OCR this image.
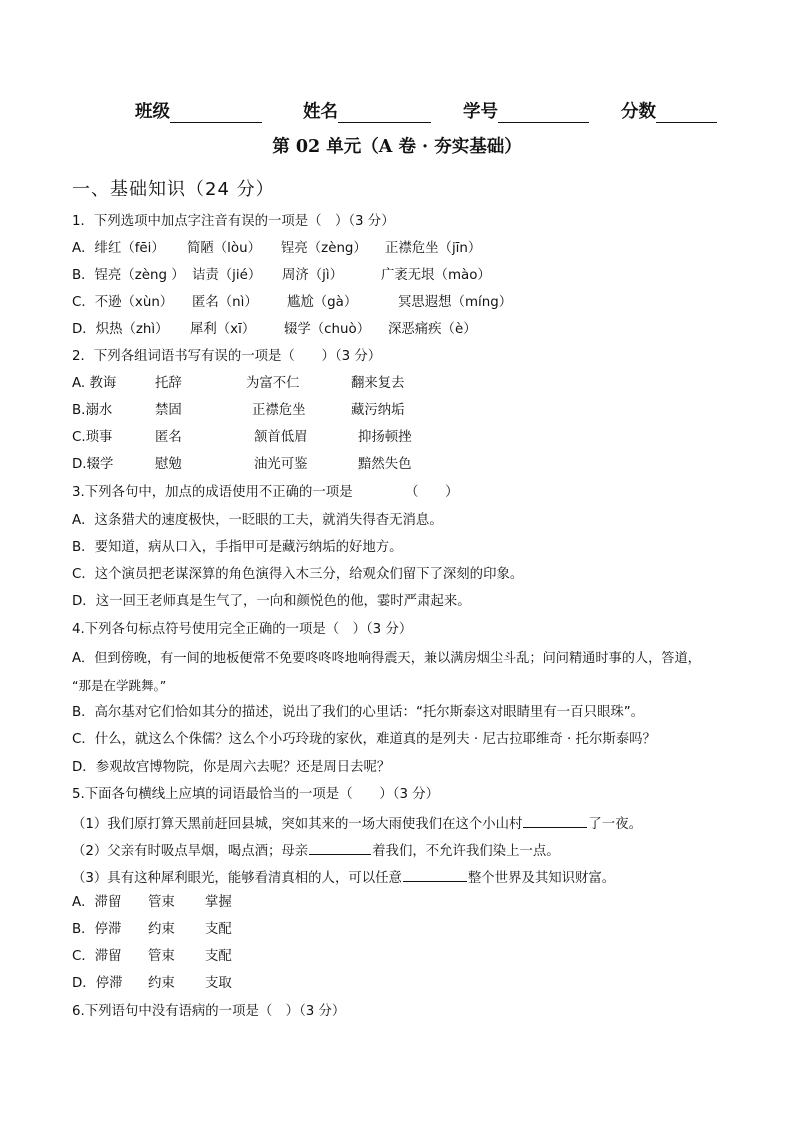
班级	姓名	学号	分数
第 02 单元（A 卷 · 夯实基础）
一、基础知识（24 分）
1．下列选项中加点字注音有误的一项是（　）（3 分）
A．绯红（fēi） 简陋（lòu） 锃亮（zèng） 正襟危坐（jīn）
B．锃亮（zèng ） 诘责（jié） 周济（jì）	广袤无垠（mào）
C．不逊（xùn） 匿名（nì） 尴尬（gà）	冥思遐想（míng）
D．炽热（zhì） 犀利（xī） 辍学（chuò） 深恶痛疾（è）
2．下列各组词语书写有误的一项是（　　）（3 分）
A. 教诲	托辞	为富不仁	翻来复去
B.溺水	禁固	正襟危坐	藏污纳垢
C.琐事	匿名	颔首低眉	抑扬顿挫
D.辍学	慰勉	油光可鉴	黯然失色
3.下列各句中，加点的成语使用不正确的一项是	（　　）
A．这条猎犬的速度极快，一眨眼的工夫，就消失得杳无消息。
B．要知道，病从口入，手指甲可是藏污纳垢的好地方。
C．这个演员把老谋深算的角色演得入木三分，给观众们留下了深刻的印象。
D．这一回王老师真是生气了，一向和颜悦色的他，霎时严肃起来。
4.下列各句标点符号使用完全正确的一项是（　）（3 分）
A．但到傍晚，有一间的地板便常不免要咚咚咚地响得震天，兼以满房烟尘斗乱；问问精通时事的人，答道，
“那是在学跳舞。”
B．高尔基对它们恰如其分的描述，说出了我们的心里话：“托尔斯泰这对眼睛里有一百只眼珠”。
C．什么，就这么个侏儒？这么个小巧玲珑的家伙，难道真的是列夫 · 尼古拉耶维奇 · 托尔斯泰吗？
D．参观故宫博物院，你是周六去呢？还是周日去呢？
5.下面各句横线上应填的词语最恰当的一项是（　　）（3 分）
（1）我们原打算天黑前赶回县城，突如其来的一场大雨使我们在这个小山村	了一夜。
（2）父亲有时吸点旱烟，喝点酒；母亲	着我们，不允许我们染上一点。
（3）具有这种犀利眼光，能够看清真相的人，可以任意	整个世界及其知识财富。
A．滞留 管束 掌握
B．停滞 约束 支配
C．滞留 管束 支配
D．停滞 约束 支取
6.下列语句中没有语病的一项是（　）（3 分）
